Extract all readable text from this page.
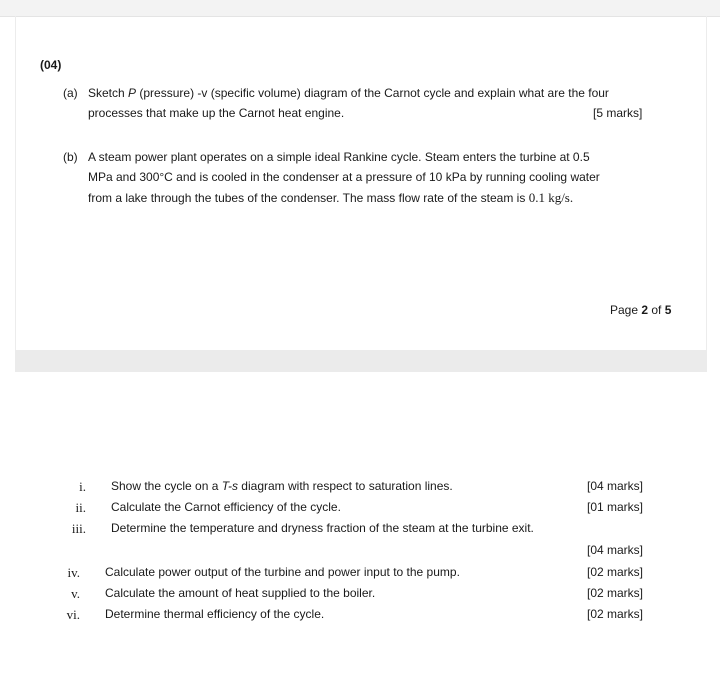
(04)
(a) Sketch P (pressure) -v (specific volume) diagram of the Carnot cycle and explain what are the four
processes that make up the Carnot heat engine.	[5 marks]
(b) A steam power plant operates on a simple ideal Rankine cycle. Steam enters the turbine at 0.5
MPa and 300°C and is cooled in the condenser at a pressure of 10 kPa by running cooling water
from a lake through the tubes of the condenser. The mass flow rate of the steam is 0.1 kg/s.
Page 2 of 5
i. Show the cycle on a T-s diagram with respect to saturation lines.	[04 marks]
ii. Calculate the Carnot efficiency of the cycle.	[01 marks]
iii. Determine the temperature and dryness fraction of the steam at the turbine exit.
[04 marks]
iv. Calculate power output of the turbine and power input to the pump.	[02 marks]
v. Calculate the amount of heat supplied to the boiler.	[02 marks]
vi. Determine thermal efficiency of the cycle.	[02 marks]
